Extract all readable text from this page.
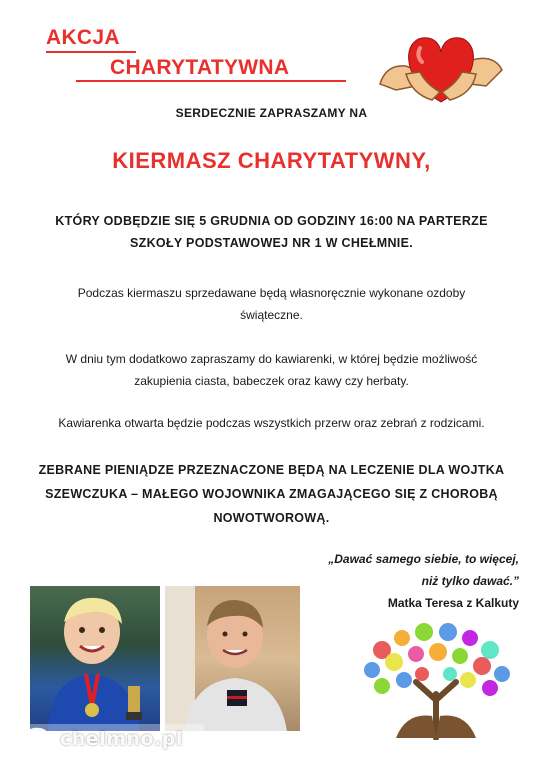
AKCJA
CHARYTATYWNA
SERDECZNIE ZAPRASZAMY NA
KIERMASZ CHARYTATYWNY,
KTÓRY ODBĘDZIE SIĘ 5 GRUDNIA OD GODZINY 16:00 NA PARTERZE
SZKOŁY PODSTAWOWEJ NR 1 W CHEŁMNIE.
Podczas kiermaszu sprzedawane będą własnoręcznie wykonane ozdoby
świąteczne.
W dniu tym dodatkowo zapraszamy do kawiarenki, w której będzie możliwość
zakupienia ciasta, babeczek oraz kawy czy herbaty.
Kawiarenka otwarta będzie podczas wszystkich przerw oraz zebrań z rodzicami.
ZEBRANE PIENIĄDZE PRZEZNACZONE BĘDĄ NA LECZENIE DLA WOJTKA
SZEWCZUKA – MAŁEGO WOJOWNIKA ZMAGAJĄCEGO SIĘ Z CHOROBĄ
NOWOTWOROWĄ.
„Dawać samego siebie, to więcej,
niż tylko dawać.”
Matka Teresa z Kalkuty
chelmno.pl
